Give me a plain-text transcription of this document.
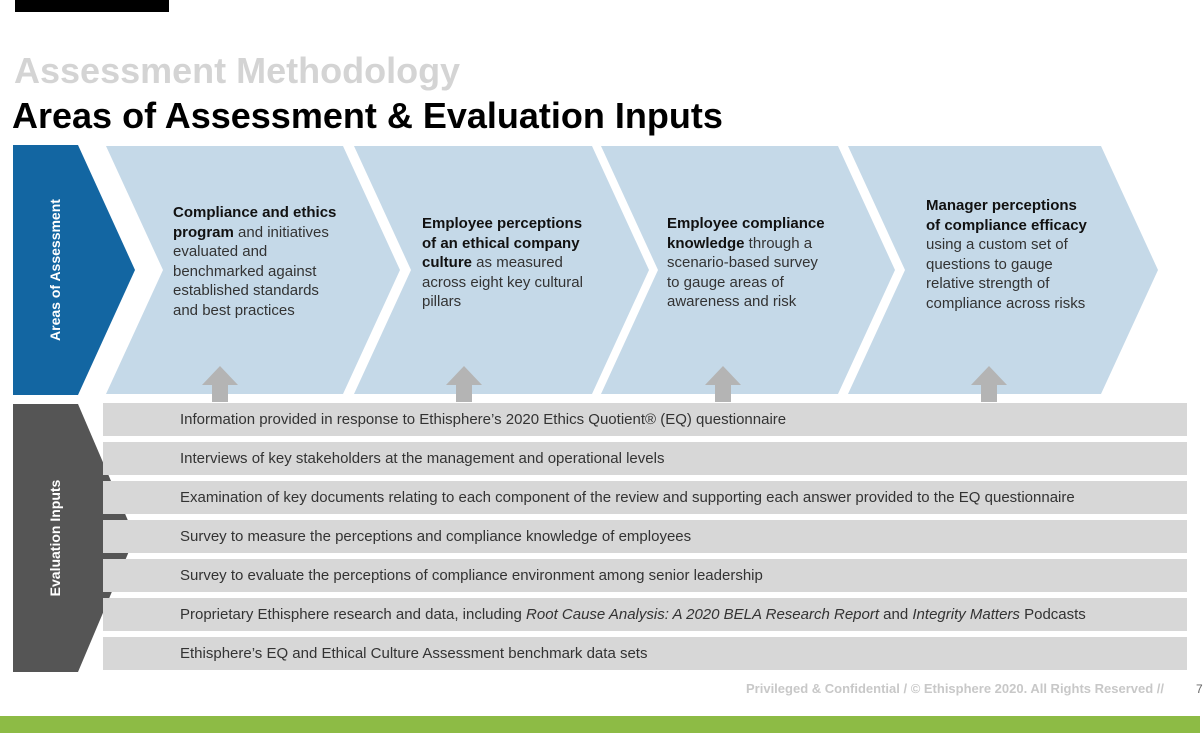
Assessment Methodology
Areas of Assessment & Evaluation Inputs
Areas of Assessment
Evaluation Inputs
Compliance and ethics program and initiatives evaluated and benchmarked against established standards and best practices
Employee perceptions of an ethical company culture as measured across eight key cultural pillars
Employee compliance knowledge through a scenario-based survey to gauge areas of awareness and risk
Manager perceptions of compliance efficacy using a custom set of questions to gauge relative strength of compliance across risks
Information provided in response to Ethisphere’s 2020 Ethics Quotient® (EQ) questionnaire
Interviews of key stakeholders at the management and operational levels
Examination of key documents relating to each component of the review and supporting each answer provided to the EQ questionnaire
Survey to measure the perceptions and compliance knowledge of employees
Survey to evaluate the perceptions of compliance environment among senior leadership
Proprietary Ethisphere research and data, including Root Cause Analysis: A 2020 BELA Research Report and Integrity Matters Podcasts
Ethisphere’s EQ and Ethical Culture Assessment benchmark data sets
Privileged & Confidential / © Ethisphere 2020. All Rights Reserved //	7
